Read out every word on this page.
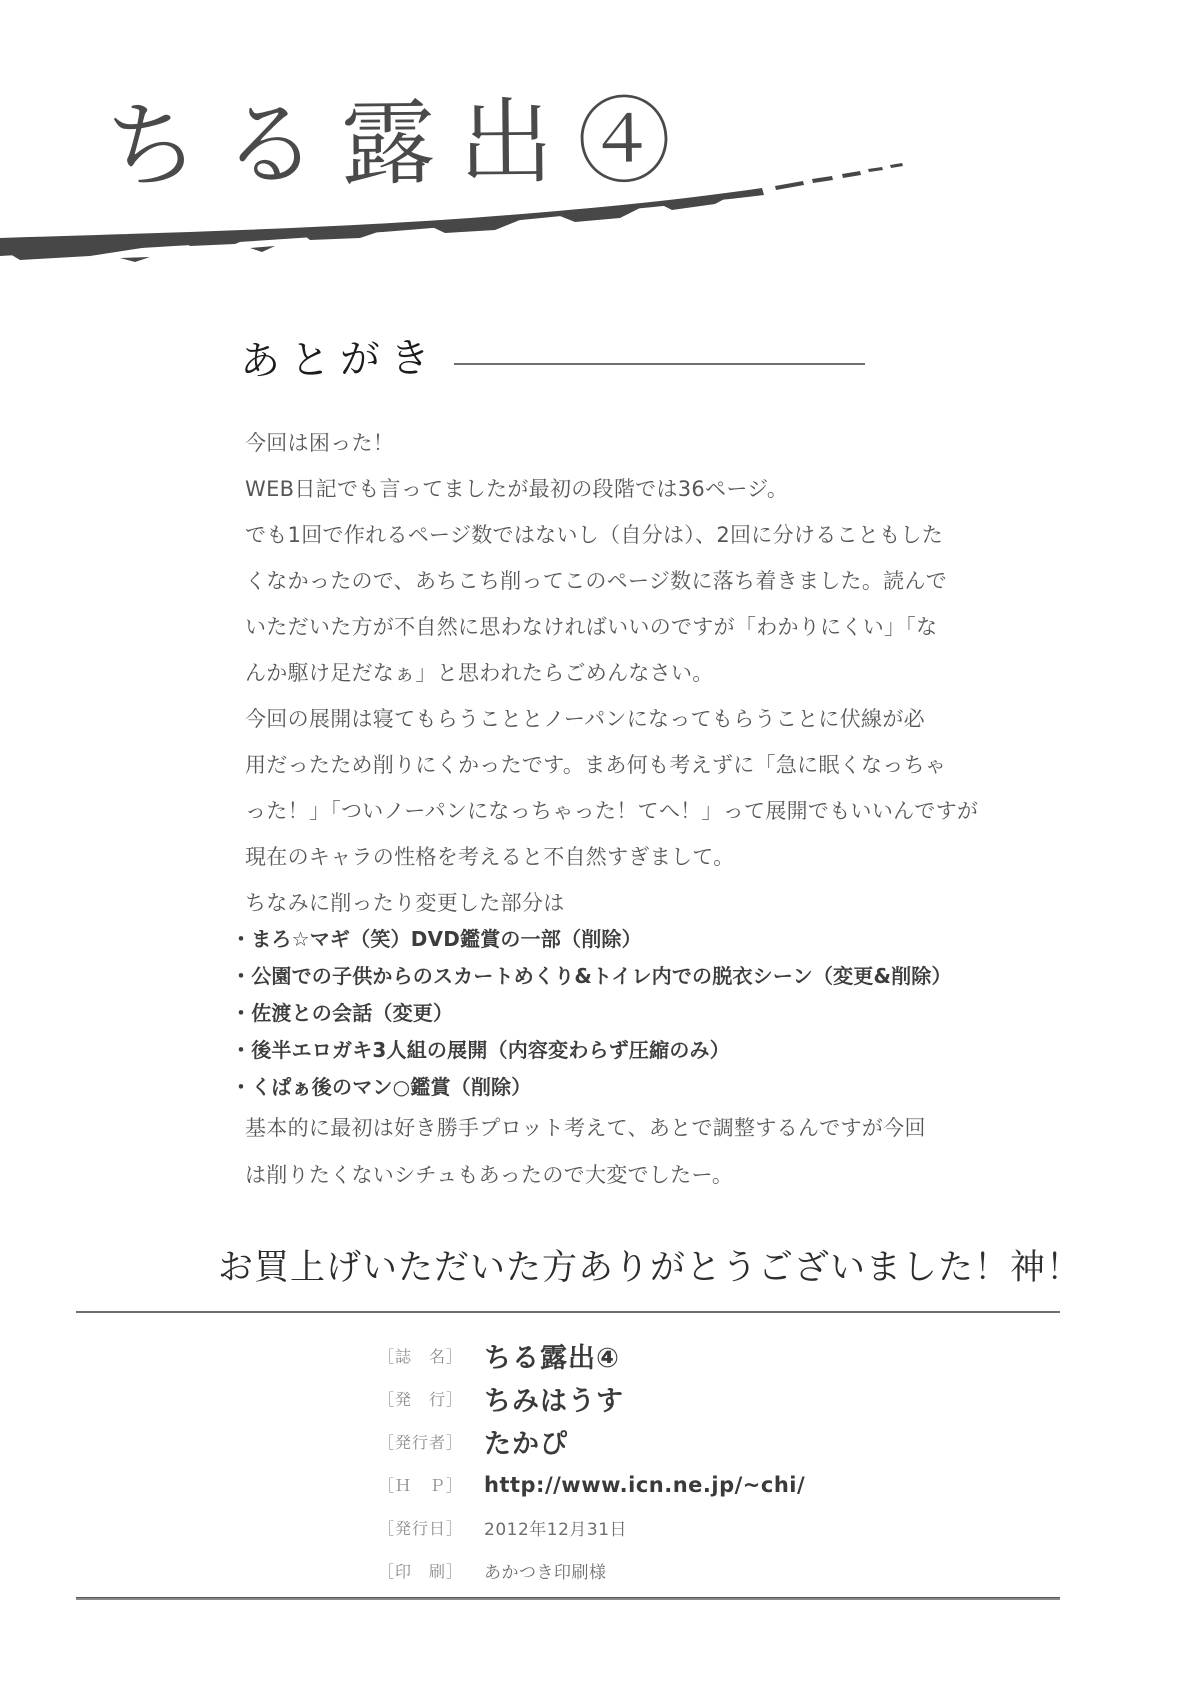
ちる露出④
あとがき

今回は困った！

WEB日記でも言ってましたが最初の段階では36ページ。

でも1回で作れるページ数ではないし（自分は）、2回に分けることもした

くなかったので、あちこち削ってこのページ数に落ち着きました。読んで

いただいた方が不自然に思わなければいいのですが「わかりにくい」「な

んか駆け足だなぁ」と思われたらごめんなさい。

今回の展開は寝てもらうこととノーパンになってもらうことに伏線が必

用だったため削りにくかったです。まあ何も考えずに「急に眠くなっちゃ

った！」「ついノーパンになっちゃった！てへ！」って展開でもいいんですが

現在のキャラの性格を考えると不自然すぎまして。

ちなみに削ったり変更した部分は

・まろ☆マギ（笑）DVD鑑賞の一部（削除）

・公園での子供からのスカートめくり&トイレ内での脱衣シーン（変更&削除）

・佐渡との会話（変更）

・後半エロガキ3人組の展開（内容変わらず圧縮のみ）

・くぱぁ後のマン○鑑賞（削除）

基本的に最初は好き勝手プロット考えて、あとで調整するんですが今回

は削りたくないシチュもあったので大変でしたー。

お買上げいただいた方ありがとうございました！神！

［誌　名］ ちる露出④
［発　行］ ちみはうす
［発行者］ たかぴ
［Ｈ　Ｐ］ http://www.icn.ne.jp/~chi/
［発行日］	2012年12月31日
［印　刷］	あかつき印刷様
